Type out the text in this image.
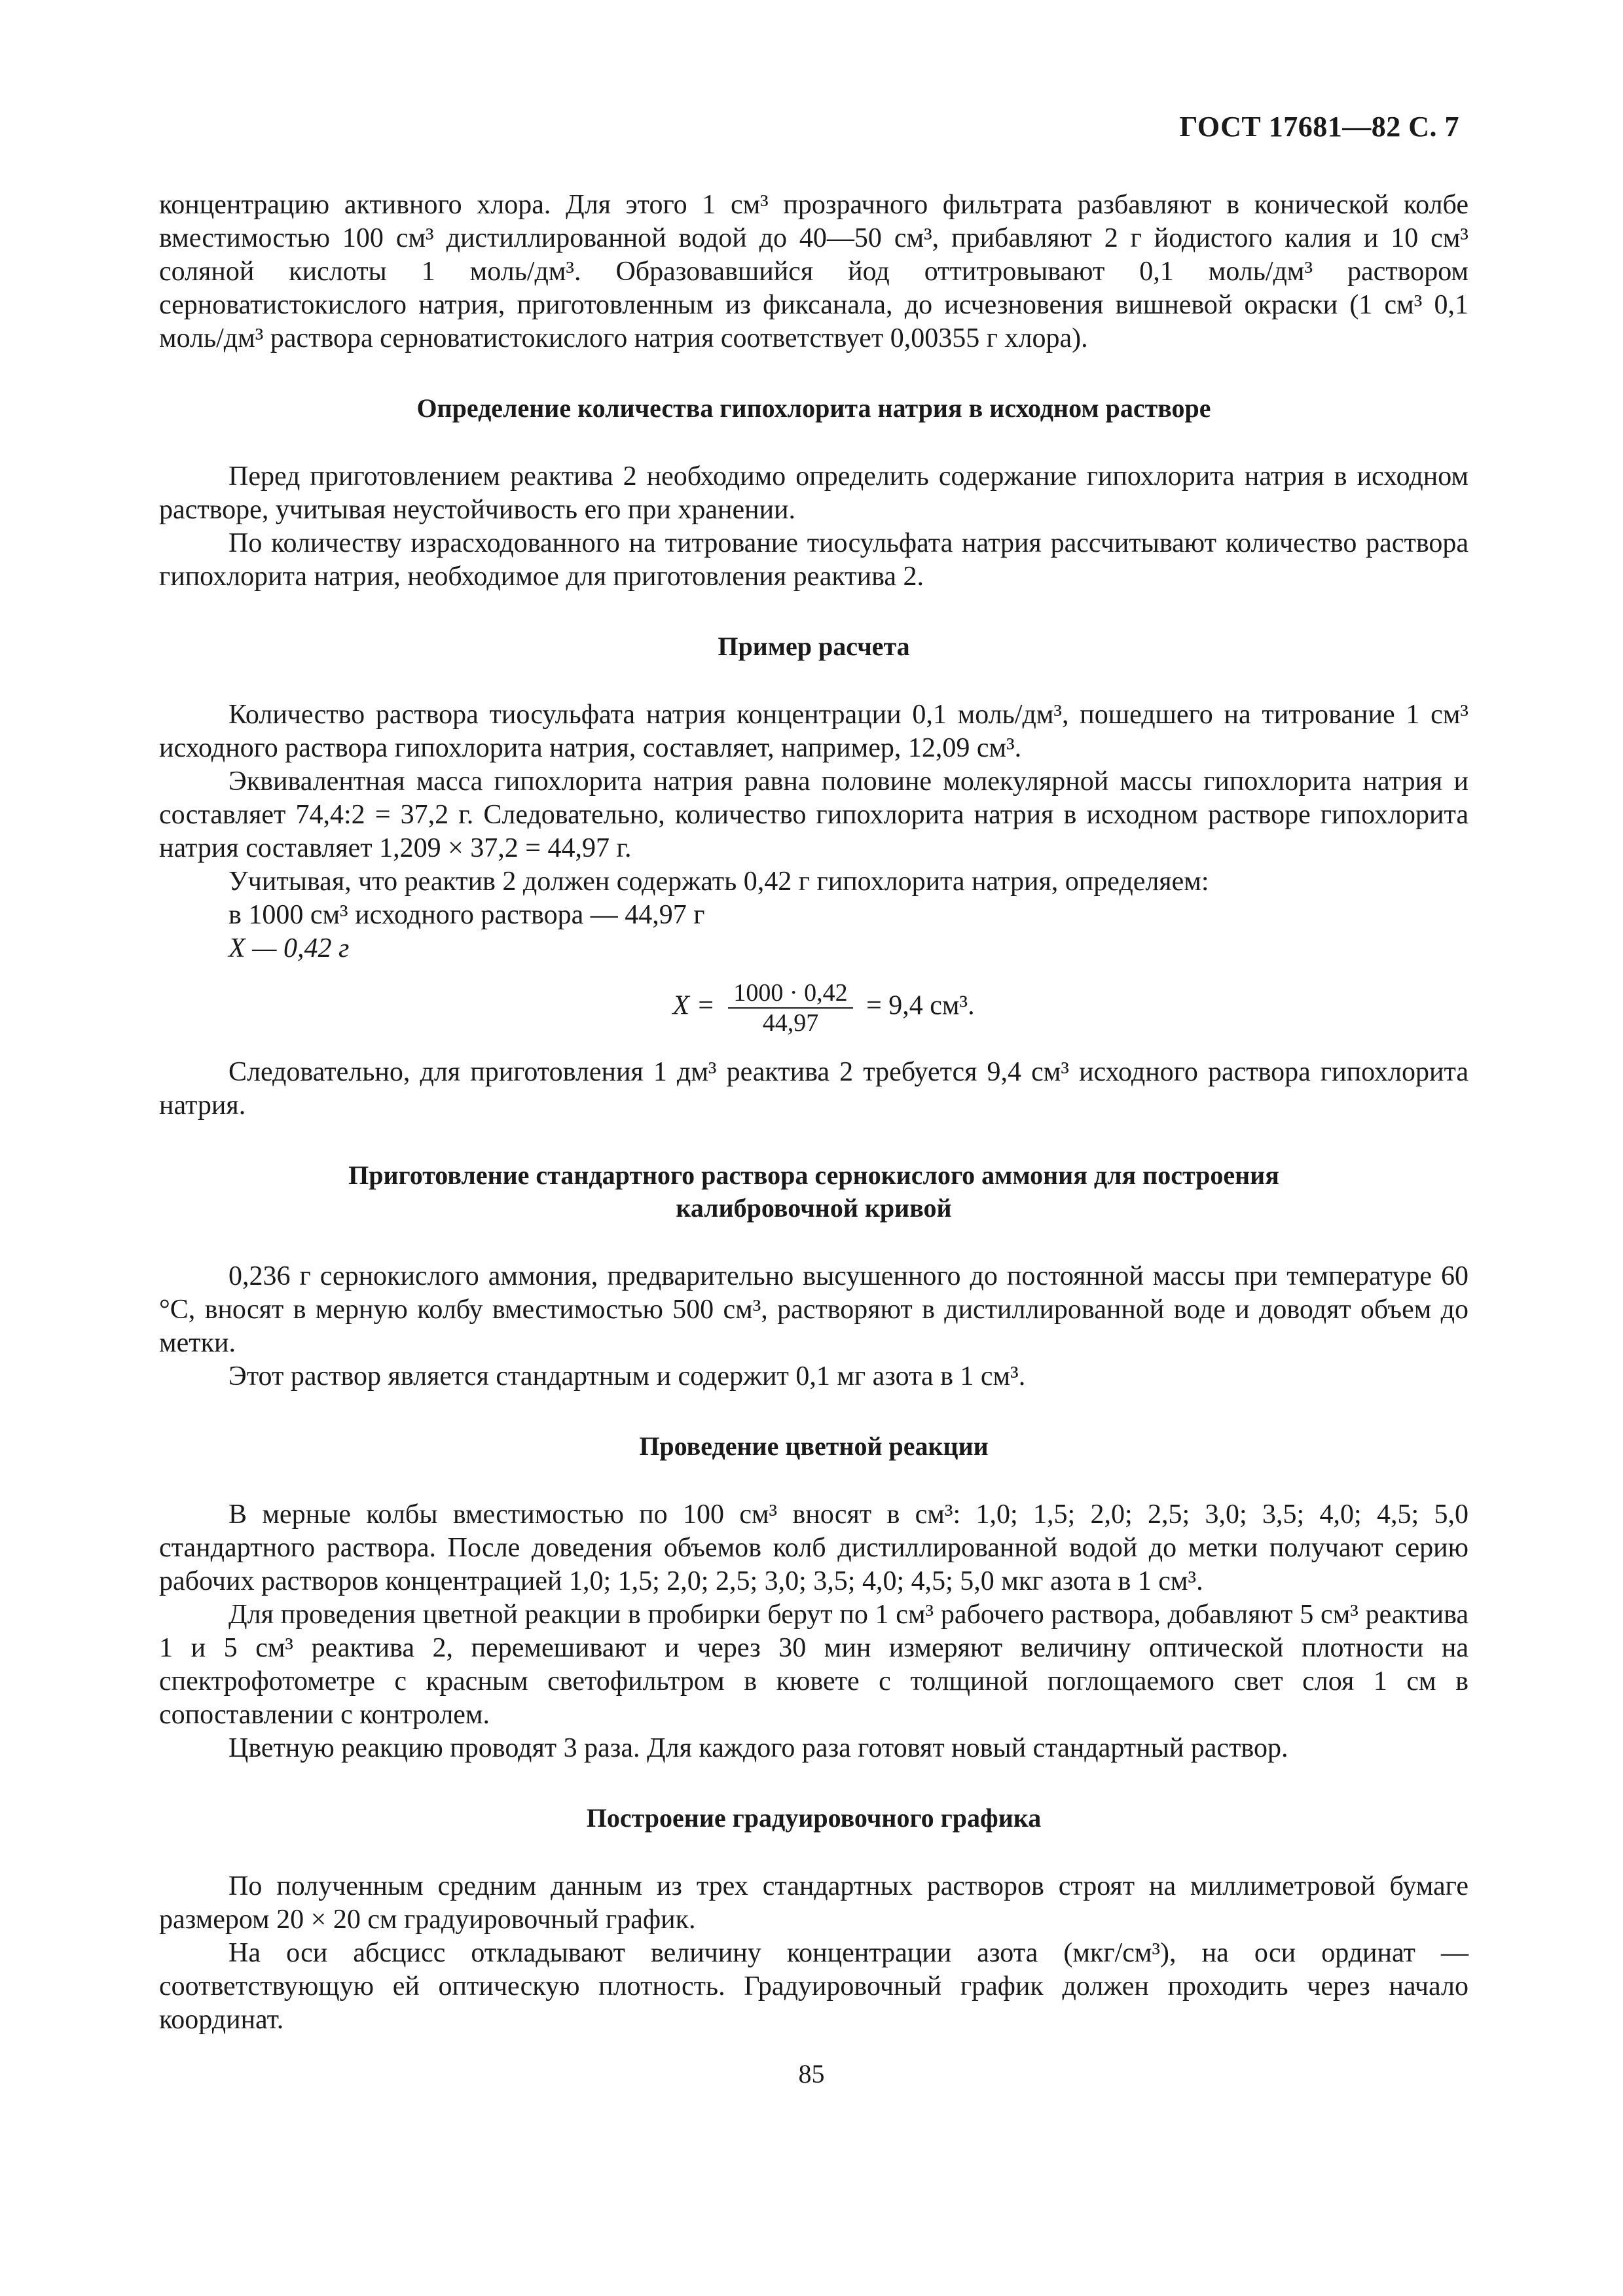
ГОСТ 17681—82 С. 7

концентрацию активного хлора. Для этого 1 см³ прозрачного фильтрата разбавляют в конической колбе вместимостью 100 см³ дистиллированной водой до 40—50 см³, прибавляют 2 г йодистого калия и 10 см³ соляной кислоты 1 моль/дм³. Образовавшийся йод оттитровывают 0,1 моль/дм³ раствором серноватистокислого натрия, приготовленным из фиксанала, до исчезновения вишневой окраски (1 см³ 0,1 моль/дм³ раствора серноватистокислого натрия соответствует 0,00355 г хлора).

Определение количества гипохлорита натрия в исходном растворе

Перед приготовлением реактива 2 необходимо определить содержание гипохлорита натрия в исходном растворе, учитывая неустойчивость его при хранении.

По количеству израсходованного на титрование тиосульфата натрия рассчитывают количество раствора гипохлорита натрия, необходимое для приготовления реактива 2.

Пример расчета

Количество раствора тиосульфата натрия концентрации 0,1 моль/дм³, пошедшего на титрование 1 см³ исходного раствора гипохлорита натрия, составляет, например, 12,09 см³.

Эквивалентная масса гипохлорита натрия равна половине молекулярной массы гипохлорита натрия и составляет 74,4:2 = 37,2 г. Следовательно, количество гипохлорита натрия в исходном растворе гипохлорита натрия составляет 1,209 × 37,2 = 44,97 г.

Учитывая, что реактив 2 должен содержать 0,42 г гипохлорита натрия, определяем:

в 1000 см³ исходного раствора — 44,97 г

X — 0,42 г

$X = \frac{1000 \cdot 0,42}{44,97} = 9,4$ см³.

Следовательно, для приготовления 1 дм³ реактива 2 требуется 9,4 см³ исходного раствора гипохлорита натрия.

Приготовление стандартного раствора сернокислого аммония для построения

калибровочной кривой

0,236 г сернокислого аммония, предварительно высушенного до постоянной массы при температуре 60 °С, вносят в мерную колбу вместимостью 500 см³, растворяют в дистиллированной воде и доводят объем до метки.

Этот раствор является стандартным и содержит 0,1 мг азота в 1 см³.

Проведение цветной реакции

В мерные колбы вместимостью по 100 см³ вносят в см³: 1,0; 1,5; 2,0; 2,5; 3,0; 3,5; 4,0; 4,5; 5,0 стандартного раствора. После доведения объемов колб дистиллированной водой до метки получают серию рабочих растворов концентрацией 1,0; 1,5; 2,0; 2,5; 3,0; 3,5; 4,0; 4,5; 5,0 мкг азота в 1 см³.

Для проведения цветной реакции в пробирки берут по 1 см³ рабочего раствора, добавляют 5 см³ реактива 1 и 5 см³ реактива 2, перемешивают и через 30 мин измеряют величину оптической плотности на спектрофотометре с красным светофильтром в кювете с толщиной поглощаемого свет слоя 1 см в сопоставлении с контролем.

Цветную реакцию проводят 3 раза. Для каждого раза готовят новый стандартный раствор.

Построение градуировочного графика

По полученным средним данным из трех стандартных растворов строят на миллиметровой бумаге размером 20 × 20 см градуировочный график.

На оси абсцисс откладывают величину концентрации азота (мкг/см³), на оси ординат — соответствующую ей оптическую плотность. Градуировочный график должен проходить через начало координат.

85
